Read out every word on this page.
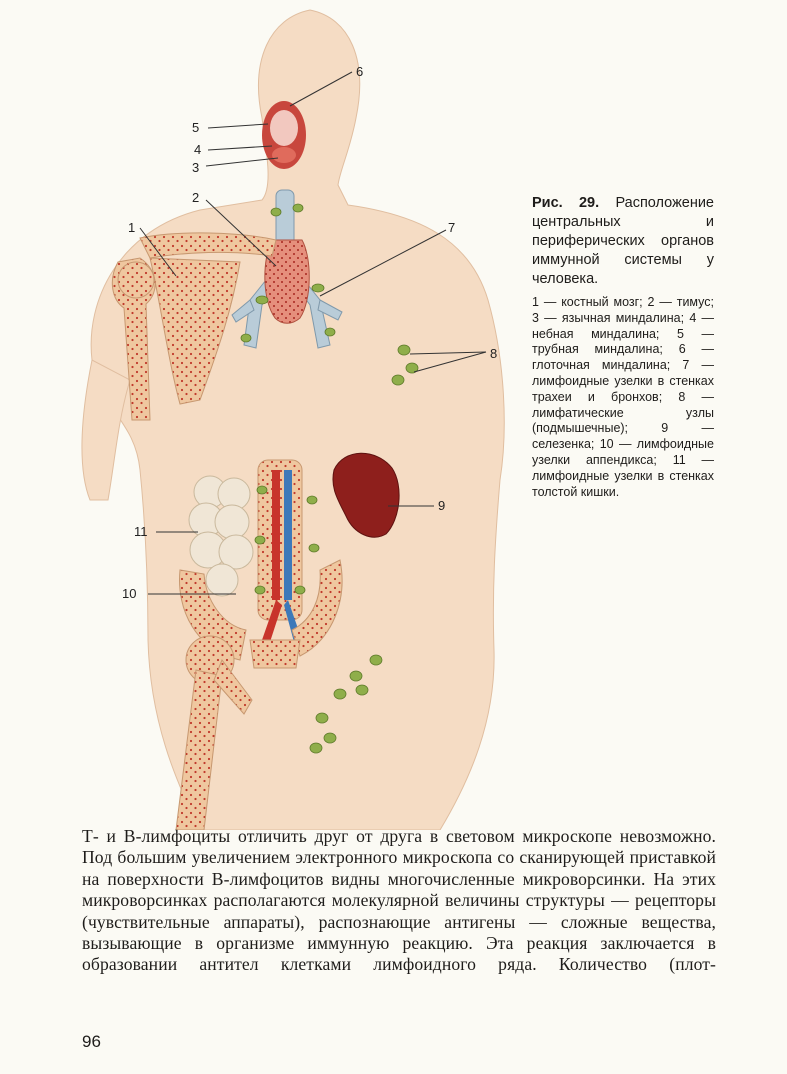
1
2
3
4
5
6
7
8
9
10
11

Рис. 29. Расположение центральных и периферических органов иммунной системы у человека.

1 — костный мозг; 2 — тимус; 3 — язычная миндалина; 4 — небная миндалина; 5 — трубная миндалина; 6 — глоточная миндалина; 7 — лимфоидные узелки в стенках трахеи и бронхов; 8 — лимфатические узлы (подмышечные); 9 — селезенка; 10 — лимфоидные узелки аппендикса; 11 — лимфоидные узелки в стенках толстой кишки.

Т- и В-лимфоциты отличить друг от друга в световом микроскопе невозможно. Под большим увеличением электронного микроскопа со сканирующей приставкой на поверхности В-лимфоцитов видны многочисленные микроворсинки. На этих микроворсинках располагаются молекулярной величины структуры — рецепторы (чувствительные аппараты), распознающие антигены — сложные вещества, вызывающие в организме иммунную реакцию. Эта реакция заключается в образовании антител клетками лимфоидного ряда. Количество (плот-

96
